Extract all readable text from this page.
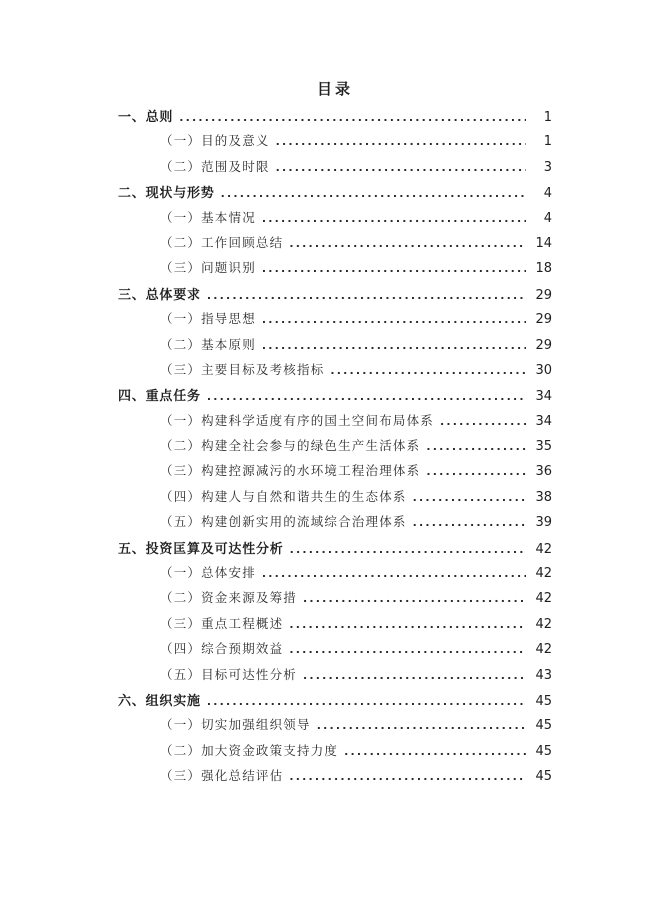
目录
一、总则 .....	1
（一）目的及意义 .....	1
（二）范围及时限 .....	3
二、现状与形势 .....	4
（一）基本情况 .....	4
（二）工作回顾总结 .....	14
（三）问题识别 .....	18
三、总体要求 .....	29
（一）指导思想 .....	29
（二）基本原则 .....	29
（三）主要目标及考核指标 .....	30
四、重点任务 .....	34
（一）构建科学适度有序的国土空间布局体系 .....	34
（二）构建全社会参与的绿色生产生活体系 .....	35
（三）构建控源减污的水环境工程治理体系 .....	36
（四）构建人与自然和谐共生的生态体系 .....	38
（五）构建创新实用的流域综合治理体系 .....	39
五、投资匡算及可达性分析 .....	42
（一）总体安排 .....	42
（二）资金来源及筹措 .....	42
（三）重点工程概述 .....	42
（四）综合预期效益 .....	42
（五）目标可达性分析 .....	43
六、组织实施 .....	45
（一）切实加强组织领导 .....	45
（二）加大资金政策支持力度 .....	45
（三）强化总结评估 .....	45
